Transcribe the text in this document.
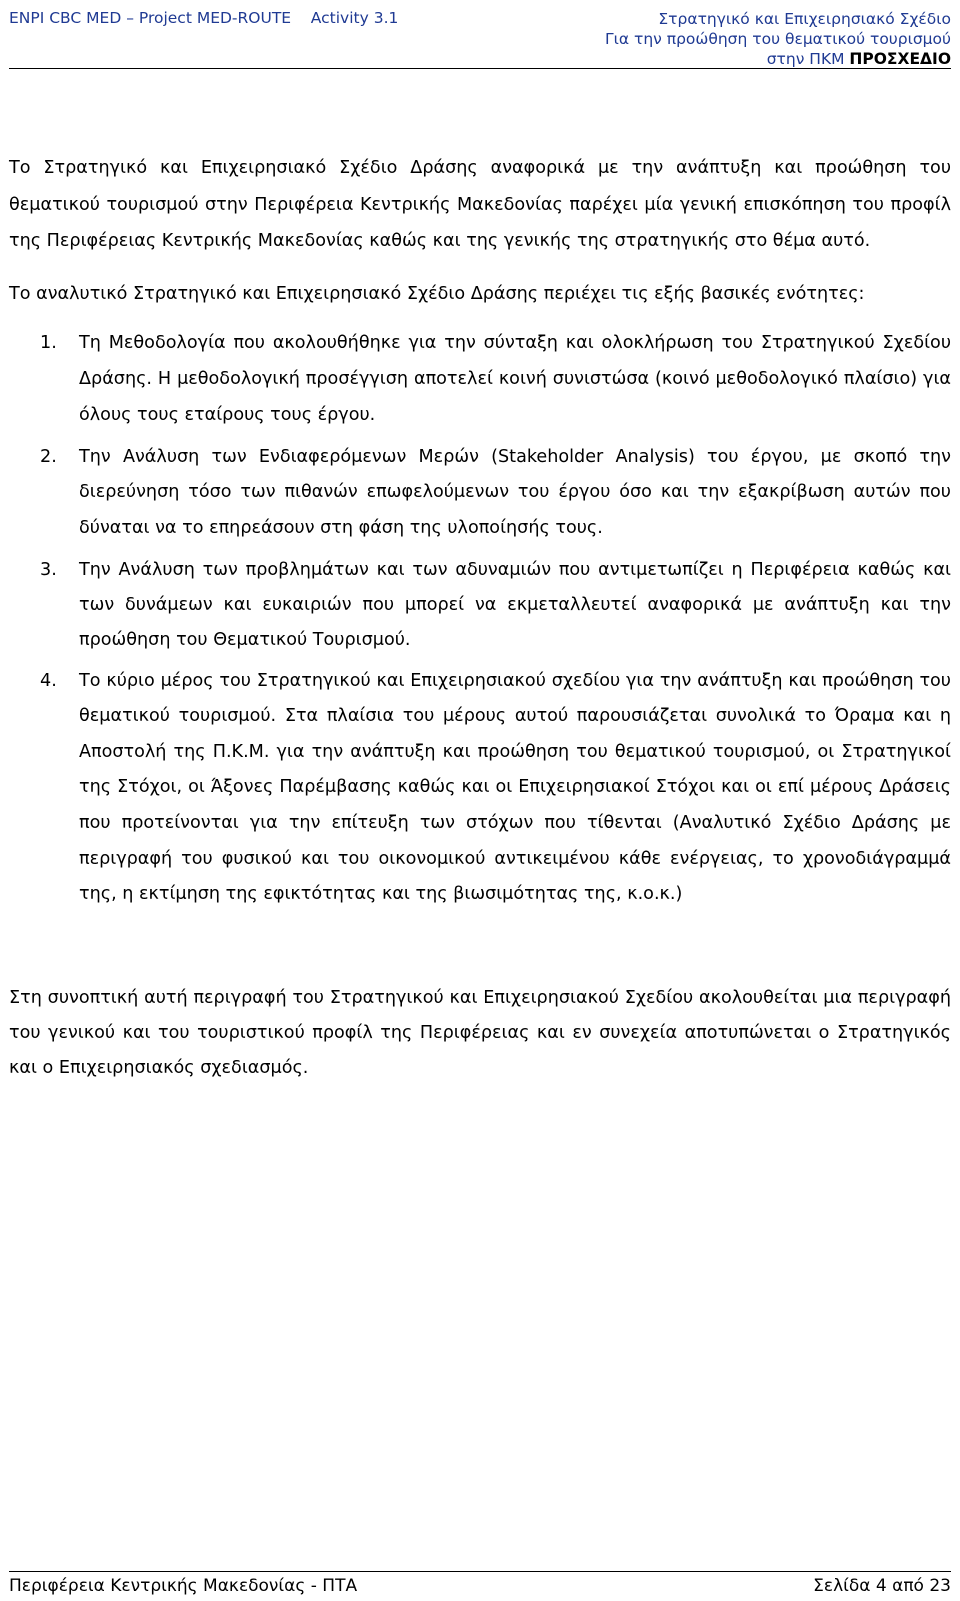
ENPI CBC MED – Project MED-ROUTE    Activity 3.1	Στρατηγικό και Επιχειρησιακό Σχέδιο
Για την προώθηση του θεματικού τουρισμού
στην ΠΚΜ ΠΡΟΣΧΕΔΙΟ

Το Στρατηγικό και Επιχειρησιακό Σχέδιο Δράσης αναφορικά με την ανάπτυξη και προώθηση του θεματικού τουρισμού στην Περιφέρεια Κεντρικής Μακεδονίας παρέχει μία γενική επισκόπηση του προφίλ της Περιφέρειας Κεντρικής Μακεδονίας καθώς και της γενικής της στρατηγικής στο θέμα αυτό.

Το αναλυτικό Στρατηγικό και Επιχειρησιακό Σχέδιο Δράσης περιέχει τις εξής βασικές ενότητες:

1. Τη Μεθοδολογία που ακολουθήθηκε για την σύνταξη και ολοκλήρωση του Στρατηγικού Σχεδίου Δράσης. Η μεθοδολογική προσέγγιση αποτελεί κοινή συνιστώσα (κοινό μεθοδολογικό πλαίσιο) για όλους τους εταίρους τους έργου.
2. Την Ανάλυση των Ενδιαφερόμενων Μερών (Stakeholder Analysis) του έργου, με σκοπό την διερεύνηση τόσο των πιθανών επωφελούμενων του έργου όσο και την εξακρίβωση αυτών που δύναται να το επηρεάσουν στη φάση της υλοποίησής τους.
3. Την Ανάλυση των προβλημάτων και των αδυναμιών που αντιμετωπίζει η Περιφέρεια καθώς και των δυνάμεων και ευκαιριών που μπορεί να εκμεταλλευτεί αναφορικά με ανάπτυξη και την προώθηση του Θεματικού Τουρισμού.
4. Το κύριο μέρος του Στρατηγικού και Επιχειρησιακού σχεδίου για την ανάπτυξη και προώθηση του θεματικού τουρισμού. Στα πλαίσια του μέρους αυτού παρουσιάζεται συνολικά το Όραμα και η Αποστολή της Π.Κ.Μ. για την ανάπτυξη και προώθηση του θεματικού τουρισμού, οι Στρατηγικοί της Στόχοι, οι Άξονες Παρέμβασης καθώς και οι Επιχειρησιακοί Στόχοι και οι επί μέρους Δράσεις που προτείνονται για την επίτευξη των στόχων που τίθενται (Αναλυτικό Σχέδιο Δράσης με περιγραφή του φυσικού και του οικονομικού αντικειμένου κάθε ενέργειας, το χρονοδιάγραμμά της, η εκτίμηση της εφικτότητας και της βιωσιμότητας της, κ.ο.κ.)

Στη συνοπτική αυτή περιγραφή του Στρατηγικού και Επιχειρησιακού Σχεδίου ακολουθείται μια περιγραφή του γενικού και του τουριστικού προφίλ της Περιφέρειας και εν συνεχεία αποτυπώνεται ο Στρατηγικός και ο Επιχειρησιακός σχεδιασμός.

Περιφέρεια Κεντρικής Μακεδονίας - ΠΤΑ	Σελίδα 4 από 23
